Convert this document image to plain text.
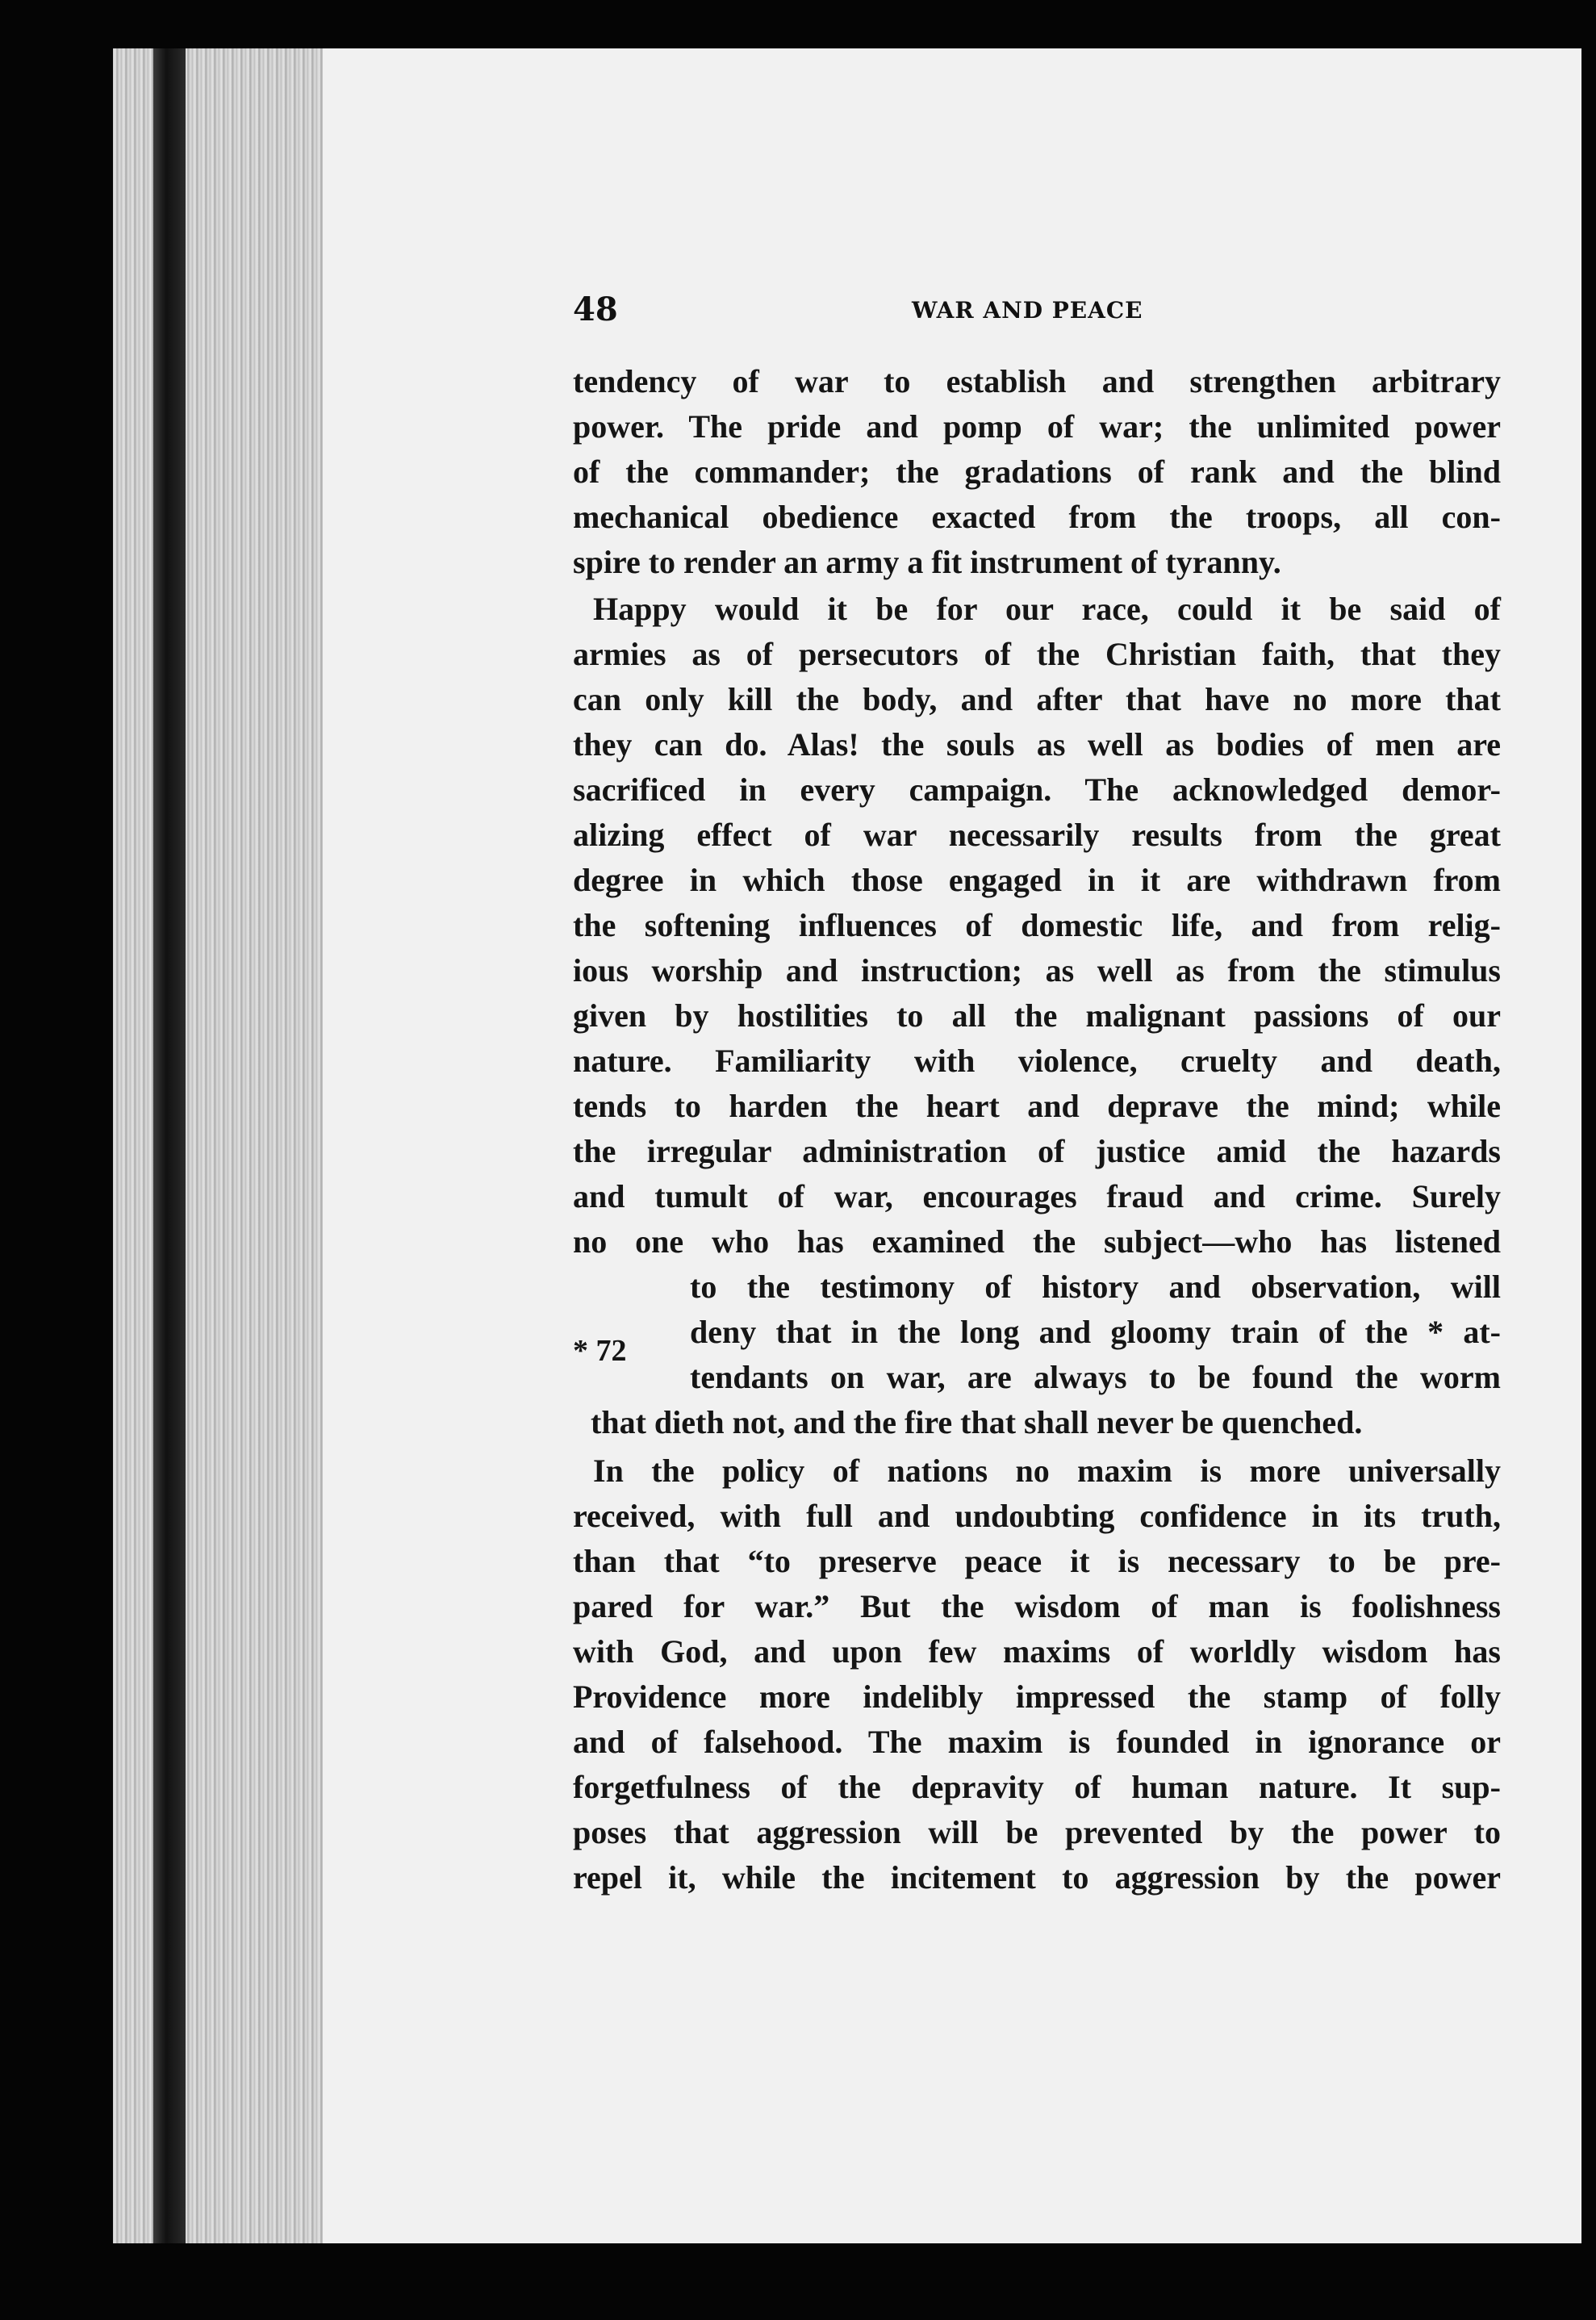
48	WAR AND PEACE
* 72
tendency of war to establish and strengthen arbitrary
power. The pride and pomp of war; the unlimited power
of the commander; the gradations of rank and the blind
mechanical obedience exacted from the troops, all con-
spire to render an army a fit instrument of tyranny.
Happy would it be for our race, could it be said of
armies as of persecutors of the Christian faith, that they
can only kill the body, and after that have no more that
they can do. Alas! the souls as well as bodies of men are
sacrificed in every campaign. The acknowledged demor-
alizing effect of war necessarily results from the great
degree in which those engaged in it are withdrawn from
the softening influences of domestic life, and from relig-
ious worship and instruction; as well as from the stimulus
given by hostilities to all the malignant passions of our
nature. Familiarity with violence, cruelty and death,
tends to harden the heart and deprave the mind; while
the irregular administration of justice amid the hazards
and tumult of war, encourages fraud and crime. Surely
no one who has examined the subject—who has listened
to the testimony of history and observation, will
deny that in the long and gloomy train of the * at-
tendants on war, are always to be found the worm
that dieth not, and the fire that shall never be quenched.
In the policy of nations no maxim is more universally
received, with full and undoubting confidence in its truth,
than that “to preserve peace it is necessary to be pre-
pared for war.” But the wisdom of man is foolishness
with God, and upon few maxims of worldly wisdom has
Providence more indelibly impressed the stamp of folly
and of falsehood. The maxim is founded in ignorance or
forgetfulness of the depravity of human nature. It sup-
poses that aggression will be prevented by the power to
repel it, while the incitement to aggression by the power
